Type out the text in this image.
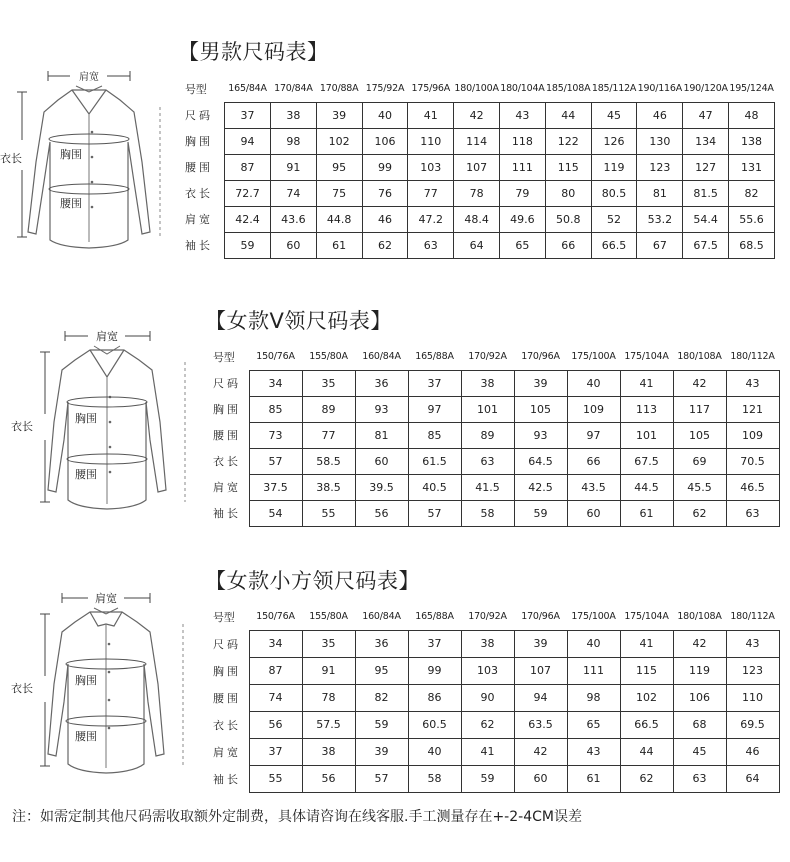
【男款尺码表】
肩宽
衣长	胸围
腰围
号型	165/84A	170/84A	170/88A	175/92A	175/96A	180/100A	180/104A	185/108A	185/112A	190/116A	190/120A	195/124A
尺码	37	38	39	40	41	42	43	44	45	46	47	48
胸围	94	98	102	106	110	114	118	122	126	130	134	138
腰围	87	91	95	99	103	107	111	115	119	123	127	131
衣长	72.7	74	75	76	77	78	79	80	80.5	81	81.5	82
肩宽	42.4	43.6	44.8	46	47.2	48.4	49.6	50.8	52	53.2	54.4	55.6
袖长	59	60	61	62	63	64	65	66	66.5	67	67.5	68.5
【女款V领尺码表】
肩宽
衣长
胸围
腰围
号型	150/76A	155/80A	160/84A	165/88A	170/92A	170/96A	175/100A	175/104A	180/108A	180/112A
尺码	34	35	36	37	38	39	40	41	42	43
胸围	85	89	93	97	101	105	109	113	117	121
腰围	73	77	81	85	89	93	97	101	105	109
衣长	57	58.5	60	61.5	63	64.5	66	67.5	69	70.5
肩宽	37.5	38.5	39.5	40.5	41.5	42.5	43.5	44.5	45.5	46.5
袖长	54	55	56	57	58	59	60	61	62	63
【女款小方领尺码表】
肩宽
衣长
胸围
腰围
号型	150/76A	155/80A	160/84A	165/88A	170/92A	170/96A	175/100A	175/104A	180/108A	180/112A
尺码	34	35	36	37	38	39	40	41	42	43
胸围	87	91	95	99	103	107	111	115	119	123
腰围	74	78	82	86	90	94	98	102	106	110
衣长	56	57.5	59	60.5	62	63.5	65	66.5	68	69.5
肩宽	37	38	39	40	41	42	43	44	45	46
袖长	55	56	57	58	59	60	61	62	63	64
注：如需定制其他尺码需收取额外定制费，具体请咨询在线客服.手工测量存在+-2-4CM误差
